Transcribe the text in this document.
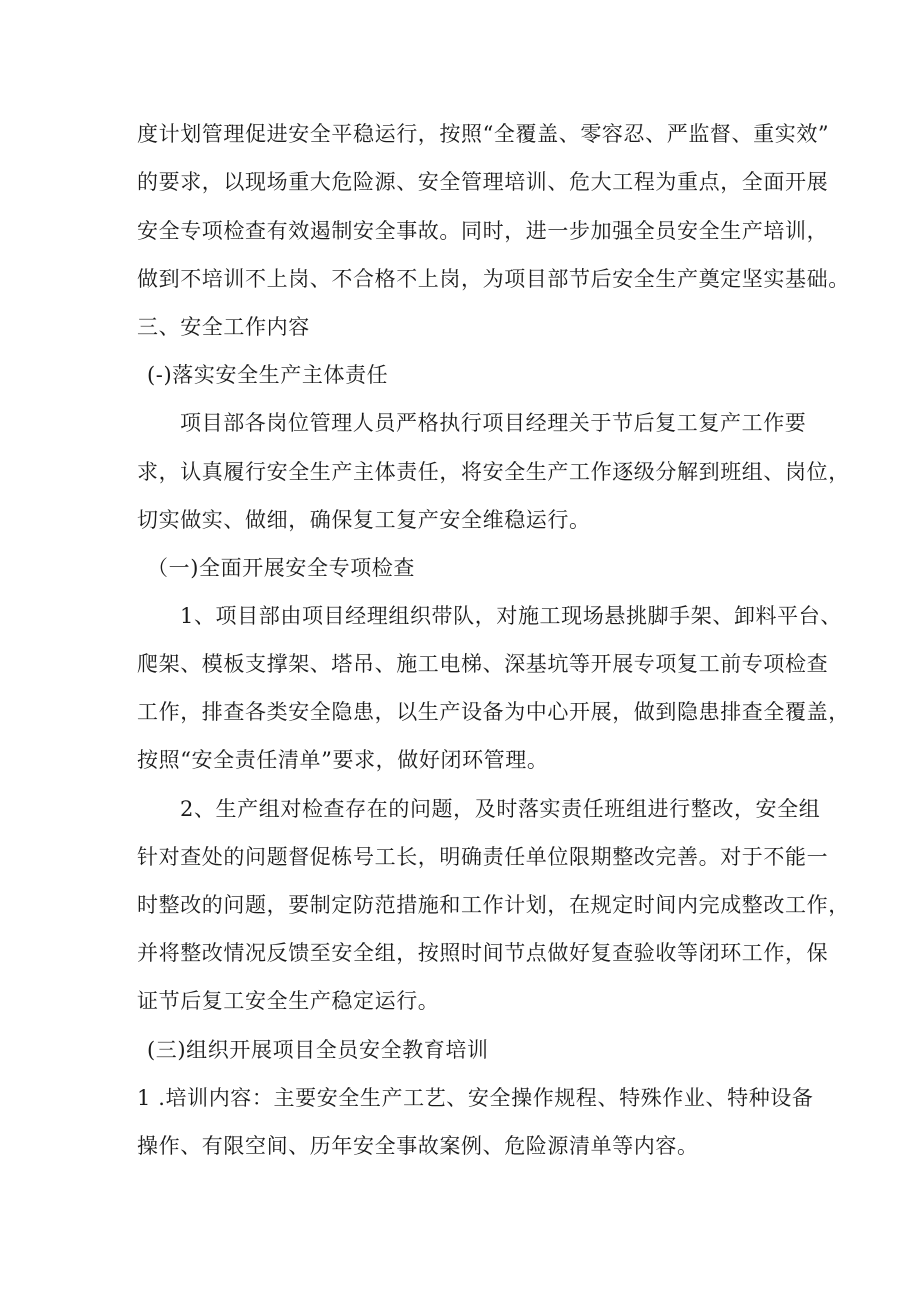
度计划管理促进安全平稳运行，按照“全覆盖、零容忍、严监督、重实效”
的要求，以现场重大危险源、安全管理培训、危大工程为重点，全面开展
安全专项检查有效遏制安全事故。同时，进一步加强全员安全生产培训，
做到不培训不上岗、不合格不上岗，为项目部节后安全生产奠定坚实基础。
三、安全工作内容
(-)落实安全生产主体责任
项目部各岗位管理人员严格执行项目经理关于节后复工复产工作要
求，认真履行安全生产主体责任，将安全生产工作逐级分解到班组、岗位，
切实做实、做细，确保复工复产安全维稳运行。
（一)全面开展安全专项检查
1、项目部由项目经理组织带队，对施工现场悬挑脚手架、卸料平台、
爬架、模板支撑架、塔吊、施工电梯、深基坑等开展专项复工前专项检查
工作，排查各类安全隐患，以生产设备为中心开展，做到隐患排查全覆盖，
按照“安全责任清单”要求，做好闭环管理。
2、生产组对检查存在的问题，及时落实责任班组进行整改，安全组
针对查处的问题督促栋号工长，明确责任单位限期整改完善。对于不能一
时整改的问题，要制定防范措施和工作计划，在规定时间内完成整改工作，
并将整改情况反馈至安全组，按照时间节点做好复查验收等闭环工作，保
证节后复工安全生产稳定运行。
(三)组织开展项目全员安全教育培训
1 .培训内容：主要安全生产工艺、安全操作规程、特殊作业、特种设备
操作、有限空间、历年安全事故案例、危险源清单等内容。
